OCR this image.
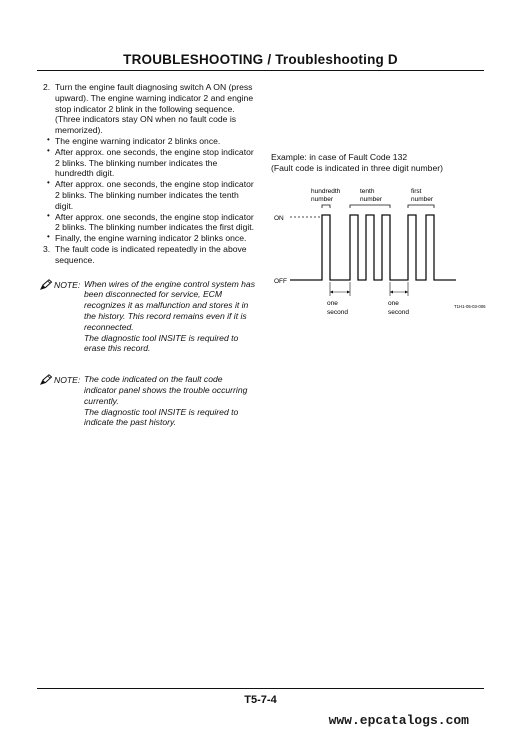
TROUBLESHOOTING / Troubleshooting D
2. Turn the engine fault diagnosing switch A ON (press upward). The engine warning indicator 2 and engine stop indicator 2 blink in the following sequence. (Three indicators stay ON when no fault code is memorized).
• The engine warning indicator 2 blinks once.
• After approx. one seconds, the engine stop indicator 2 blinks. The blinking number indicates the hundredth digit.
• After approx. one seconds, the engine stop indicator 2 blinks. The blinking number indicates the tenth digit.
• After approx. one seconds, the engine stop indicator 2 blinks. The blinking number indicates the first digit.
• Finally, the engine warning indicator 2 blinks once.
3. The fault code is indicated repeatedly in the above sequence.
NOTE: When wires of the engine control system has been disconnected for service, ECM recognizes it as malfunction and stores it in the history. This record remains even if it is reconnected.

The diagnostic tool INSITE is required to erase this record.

NOTE: The code indicated on the fault code indicator panel shows the trouble occurring currently.

The diagnostic tool INSITE is required to indicate the past history.

Example: in case of Fault Code 132

(Fault code is indicated in three digit number)

ON
OFF
hundredth
number
tenth
number
first
number
one
second
one
second
T1H1-05-03-006
T5-7-4
www.epcatalogs.com
